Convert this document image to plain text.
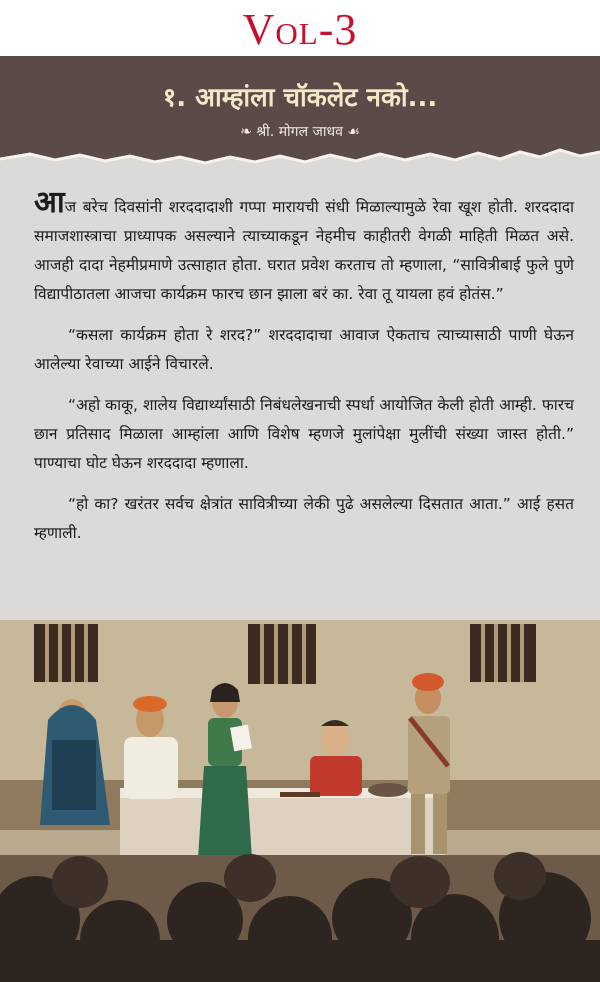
Vol-3
१. आम्हांला चॉकलेट नको...
❧ श्री. मोगल जाधव ☙

आज बरेच दिवसांनी शरददादाशी गप्पा मारायची संधी मिळाल्यामुळे रेवा खूश होती. शरददादा समाजशास्त्राचा प्राध्यापक असल्याने त्याच्याकडून नेहमीच काहीतरी वेगळी माहिती मिळत असे. आजही दादा नेहमीप्रमाणे उत्साहात होता. घरात प्रवेश करताच तो म्हणाला, “सावित्रीबाई फुले पुणे विद्यापीठातला आजचा कार्यक्रम फारच छान झाला बरं का. रेवा तू यायला हवं होतंस.”

“कसला कार्यक्रम होता रे शरद?” शरददादाचा आवाज ऐकताच त्याच्यासाठी पाणी घेऊन आलेल्या रेवाच्या आईने विचारले.

“अहो काकू, शालेय विद्यार्थ्यांसाठी निबंधलेखनाची स्पर्धा आयोजित केली होती आम्ही. फारच छान प्रतिसाद मिळाला आम्हांला आणि विशेष म्हणजे मुलांपेक्षा मुलींची संख्या जास्त होती.” पाण्याचा घोट घेऊन शरददादा म्हणाला.

“हो का? खरंतर सर्वच क्षेत्रांत सावित्रीच्या लेकी पुढे असलेल्या दिसतात आता.” आई हसत म्हणाली.
